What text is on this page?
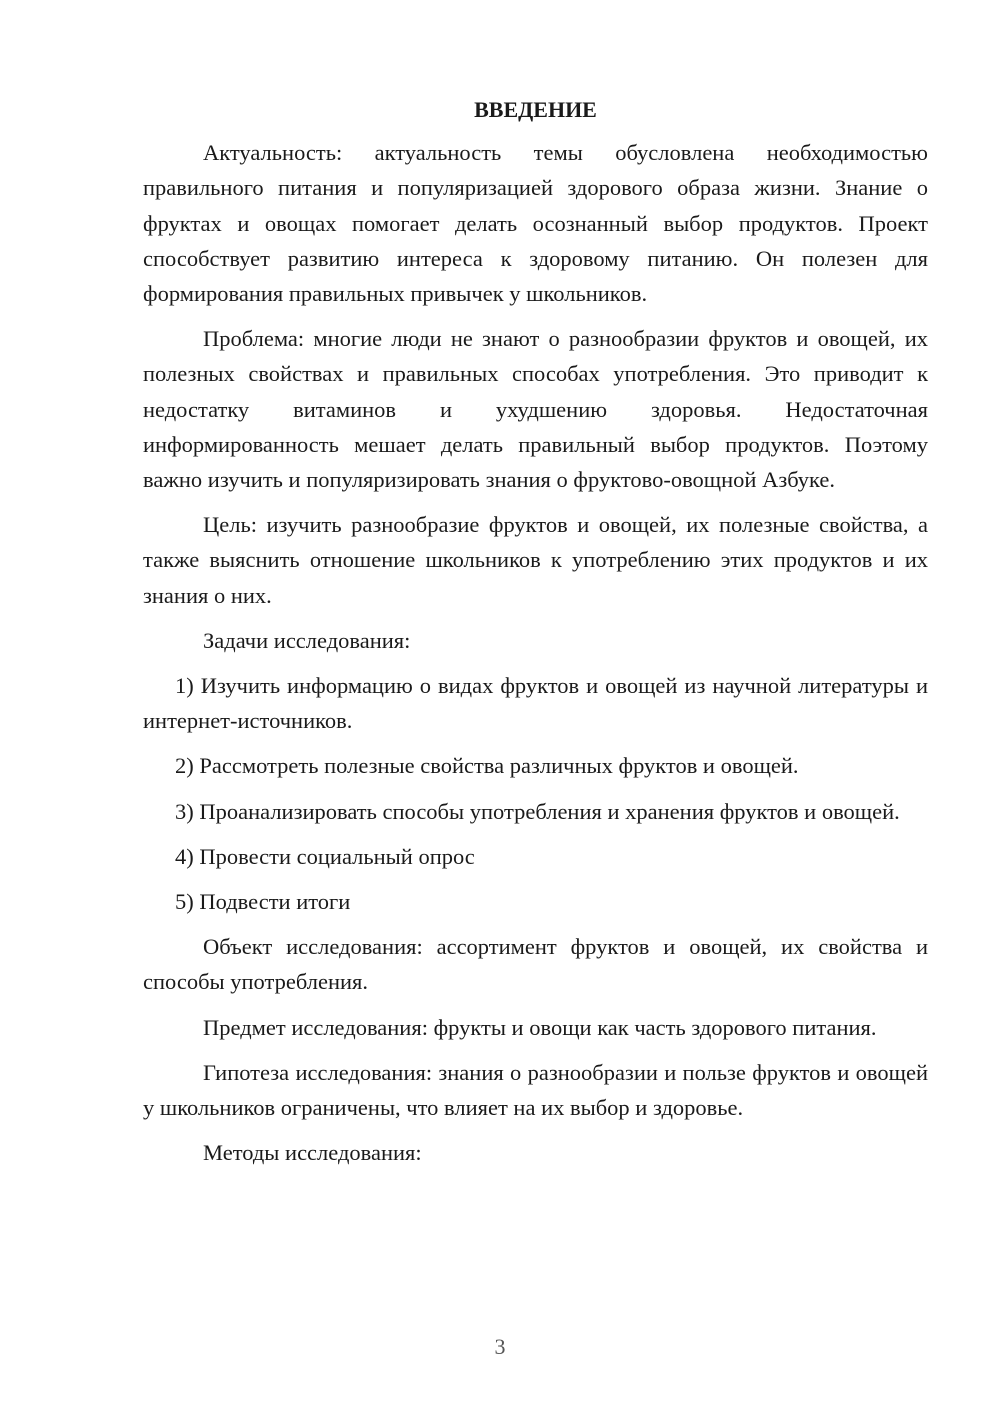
ВВЕДЕНИЕ

Актуальность: актуальность темы обусловлена необходимостью правильного питания и популяризацией здорового образа жизни. Знание о фруктах и овощах помогает делать осознанный выбор продуктов. Проект способствует развитию интереса к здоровому питанию. Он полезен для формирования правильных привычек у школьников.

Проблема: многие люди не знают о разнообразии фруктов и овощей, их полезных свойствах и правильных способах употребления. Это приводит к недостатку витаминов и ухудшению здоровья. Недостаточная информированность мешает делать правильный выбор продуктов. Поэтому важно изучить и популяризировать знания о фруктово-овощной Азбуке.

Цель: изучить разнообразие фруктов и овощей, их полезные свойства, а также выяснить отношение школьников к употреблению этих продуктов и их знания о них.

Задачи исследования:

1) Изучить информацию о видах фруктов и овощей из научной литературы и интернет-источников.

2) Рассмотреть полезные свойства различных фруктов и овощей.

3) Проанализировать способы употребления и хранения фруктов и овощей.

4) Провести социальный опрос

5) Подвести итоги

Объект исследования: ассортимент фруктов и овощей, их свойства и способы употребления.

Предмет исследования: фрукты и овощи как часть здорового питания.

Гипотеза исследования: знания о разнообразии и пользе фруктов и овощей у школьников ограничены, что влияет на их выбор и здоровье.

Методы исследования:

3
